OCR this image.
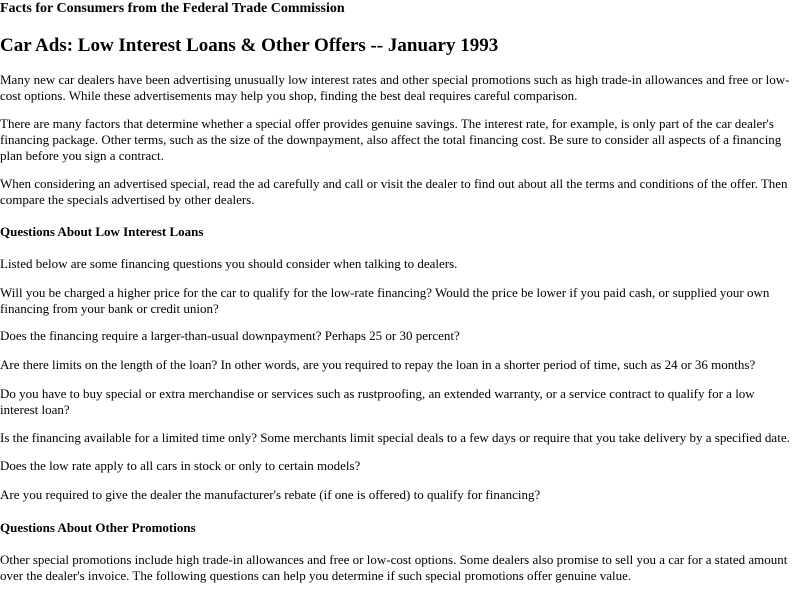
Facts for Consumers from the Federal Trade Commission
Car Ads: Low Interest Loans & Other Offers -- January 1993

Many new car dealers have been advertising unusually low interest rates and other special promotions such as high trade-in allowances and free or low-cost options. While these advertisements may help you shop, finding the best deal requires careful comparison.

There are many factors that determine whether a special offer provides genuine savings. The interest rate, for example, is only part of the car dealer's financing package. Other terms, such as the size of the downpayment, also affect the total financing cost. Be sure to consider all aspects of a financing plan before you sign a contract.

When considering an advertised special, read the ad carefully and call or visit the dealer to find out about all the terms and conditions of the offer. Then compare the specials advertised by other dealers.

Questions About Low Interest Loans

Listed below are some financing questions you should consider when talking to dealers.

Will you be charged a higher price for the car to qualify for the low-rate financing? Would the price be lower if you paid cash, or supplied your own financing from your bank or credit union?

Does the financing require a larger-than-usual downpayment? Perhaps 25 or 30 percent?

Are there limits on the length of the loan? In other words, are you required to repay the loan in a shorter period of time, such as 24 or 36 months?

Do you have to buy special or extra merchandise or services such as rustproofing, an extended warranty, or a service contract to qualify for a low interest loan?

Is the financing available for a limited time only? Some merchants limit special deals to a few days or require that you take delivery by a specified date.

Does the low rate apply to all cars in stock or only to certain models?

Are you required to give the dealer the manufacturer's rebate (if one is offered) to qualify for financing?

Questions About Other Promotions

Other special promotions include high trade-in allowances and free or low-cost options. Some dealers also promise to sell you a car for a stated amount over the dealer's invoice. The following questions can help you determine if such special promotions offer genuine value.
